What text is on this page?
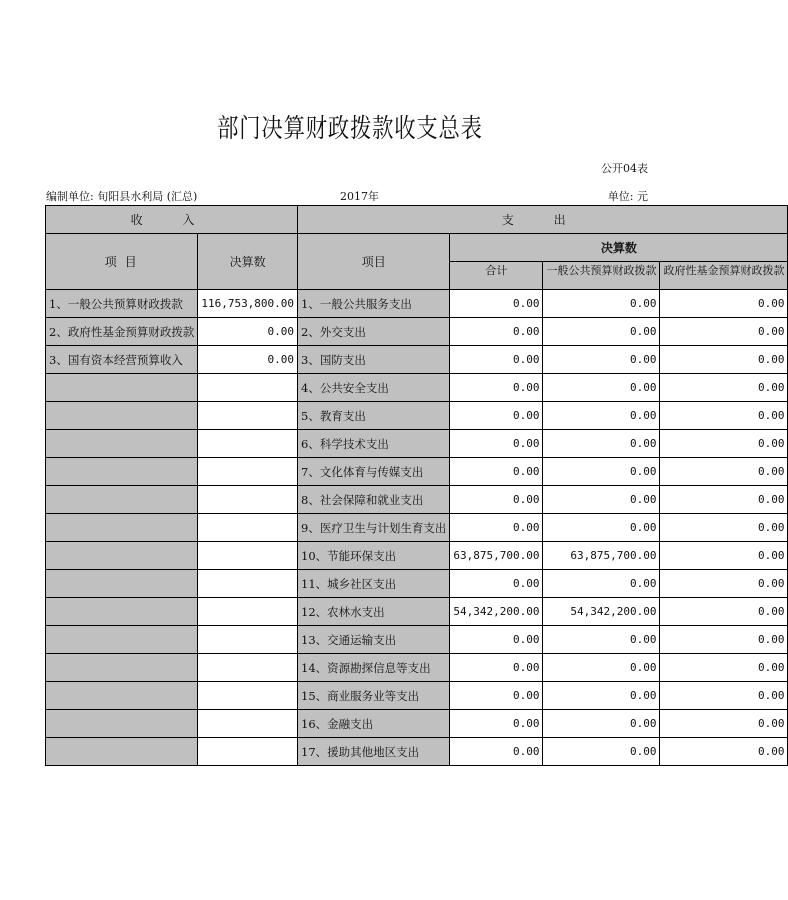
部门决算财政拨款收支总表
公开04表
编制单位: 旬阳县水利局 (汇总)	2017年	单位: 元
收 入		支 出			
项 目	决算数	项目	决算数		
			合计	一般公共预算财政拨款	政府性基金预算财政拨款
1、一般公共预算财政拨款	116,753,800.00	1、一般公共服务支出	0.00	0.00	0.00
2、政府性基金预算财政拨款	0.00	2、外交支出	0.00	0.00	0.00
3、国有资本经营预算收入	0.00	3、国防支出	0.00	0.00	0.00
		4、公共安全支出	0.00	0.00	0.00
		5、教育支出	0.00	0.00	0.00
		6、科学技术支出	0.00	0.00	0.00
		7、文化体育与传媒支出	0.00	0.00	0.00
		8、社会保障和就业支出	0.00	0.00	0.00
		9、医疗卫生与计划生育支出	0.00	0.00	0.00
		10、节能环保支出	63,875,700.00	63,875,700.00	0.00
		11、城乡社区支出	0.00	0.00	0.00
		12、农林水支出	54,342,200.00	54,342,200.00	0.00
		13、交通运输支出	0.00	0.00	0.00
		14、资源勘探信息等支出	0.00	0.00	0.00
		15、商业服务业等支出	0.00	0.00	0.00
		16、金融支出	0.00	0.00	0.00
		17、援助其他地区支出	0.00	0.00	0.00
